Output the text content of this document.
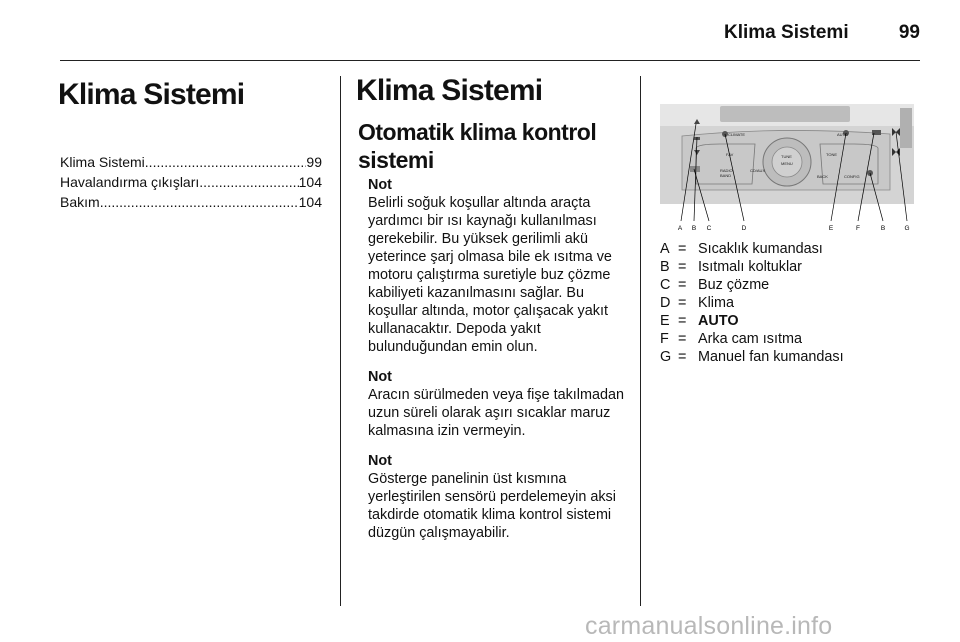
Klima Sistemi	99
Klima Sistemi
Klima Sistemi .....	99
Havalandırma çıkışları .....	104
Bakım .....	104
Klima Sistemi
Otomatik klima kontrol sistemi
Not
Belirli soğuk koşullar altında araçta yardımcı bir ısı kaynağı kullanılması gerekebilir. Bu yüksek gerilimli akü yeterince şarj olmasa bile ek ısıtma ve motoru çalıştırma suretiyle buz çözme kabiliyeti kazanılmasını sağlar. Bu koşullar altında, motor çalışacak yakıt kullanacaktır. Depoda yakıt bulunduğundan emin olun.
Not
Aracın sürülmeden veya fişe takılmadan uzun süreli olarak aşırı sıcaklar maruz kalmasına izin vermeyin.
Not
Gösterge panelinin üst kısmına yerleştirilen sensörü perdelemeyin aksi takdirde otomatik klima kontrol sistemi düzgün çalışmayabilir.
CLIMATE
FAV	TUNE
MENU
TONE
AUTO
RADIO
BAND
CD/AUX
BACK	CONFIG
A B C	D	E	F	B	G
A = Sıcaklık kumandası
B = Isıtmalı koltuklar
C = Buz çözme
D = Klima
E = AUTO
F = Arka cam ısıtma
G = Manuel fan kumandası
carmanualsonline.info
